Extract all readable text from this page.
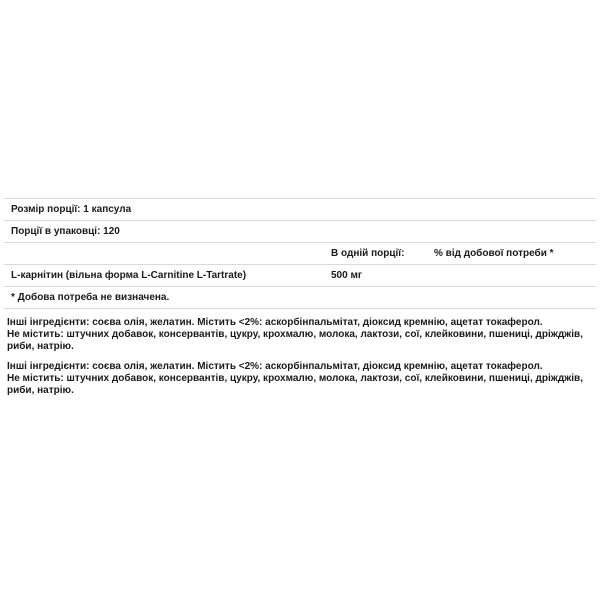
Розмір порції: 1 капсула		
Порції в упаковці: 120		
	В одній порції:	% від добової потреби *
L-карнітин (вільна форма L-Carnitine L-Tartrate)	500 мг	
* Добова потреба не визначена.		

Інші інгредієнти: соєва олія, желатин. Містить <2%: аскорбінпальмітат, діоксид кремнію, ацетат токаферол.

Не містить: штучних добавок, консервантів, цукру, крохмалю, молока, лактози, сої, клейковини, пшениці, дріжджів, риби, натрію.

Інші інгредієнти: соєва олія, желатин. Містить <2%: аскорбінпальмітат, діоксид кремнію, ацетат токаферол.

Не містить: штучних добавок, консервантів, цукру, крохмалю, молока, лактози, сої, клейковини, пшениці, дріжджів, риби, натрію.
